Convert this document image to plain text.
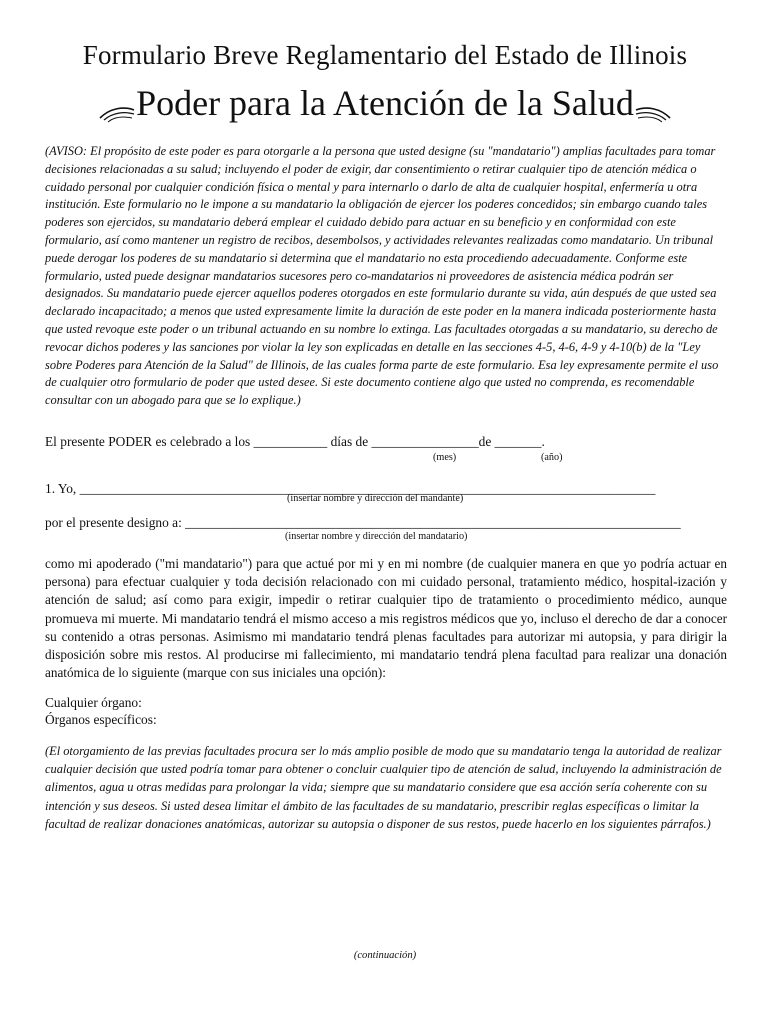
Formulario Breve Reglamentario del Estado de Illinois
Poder para la Atención de la Salud
(AVISO: El propósito de este poder es para otorgarle a la persona que usted designe (su "mandatario") amplias facultades para tomar decisiones relacionadas a su salud; incluyendo el poder de exigir, dar consentimiento o retirar cualquier tipo de atención médica o cuidado personal por cualquier condición física o mental y para internarlo o darlo de alta de cualquier hospital, enfermería u otra institución. Este formulario no le impone a su mandatario la obligación de ejercer los poderes concedidos; sin embargo cuando tales poderes son ejercidos, su mandatario deberá emplear el cuidado debido para actuar en su beneficio y en conformidad con este formulario, así como mantener un registro de recibos, desembolsos, y actividades relevantes realizadas como mandatario. Un tribunal puede derogar los poderes de su mandatario si determina que el mandatario no esta procediendo adecuadamente. Conforme este formulario, usted puede designar mandatarios sucesores pero co-mandatarios ni proveedores de asistencia médica podrán ser designados. Su mandatario puede ejercer aquellos poderes otorgados en este formulario durante su vida, aún después de que usted sea declarado incapacitado; a menos que usted expresamente limite la duración de este poder en la manera indicada posteriormente hasta que usted revoque este poder o un tribunal actuando en su nombre lo extinga. Las facultades otorgadas a su mandatario, su derecho de revocar dichos poderes y las sanciones por violar la ley son explicadas en detalle en las secciones 4-5, 4-6, 4-9 y 4-10(b) de la "Ley sobre Poderes para Atención de la Salud" de Illinois, de las cuales forma parte de este formulario. Esa ley expresamente permite el uso de cualquier otro formulario de poder que usted desee. Si este documento contiene algo que usted no comprenda, es recomendable consultar con un abogado para que se lo explique.)
El presente PODER es celebrado a los ___________ días de ________________de _______.
(mes)	(año)
1. Yo, ______________________________________________________________________________________
(insertar nombre y dirección del mandante)
por el presente designo a: __________________________________________________________________________
(insertar nombre y dirección del mandatario)
como mi apoderado ("mi mandatario") para que actué por mi y en mi nombre (de cualquier manera en que yo podría actuar en persona) para efectuar cualquier y toda decisión relacionado con mi cuidado personal, tratamiento médico, hospital-ización y atención de salud; así como para exigir, impedir o retirar cualquier tipo de tratamiento o procedimiento médico, aunque promueva mi muerte. Mi mandatario tendrá el mismo acceso a mis registros médicos que yo, incluso el derecho de dar a conocer su contenido a otras personas. Asimismo mi mandatario tendrá plenas facultades para autorizar mi autopsia, y para dirigir la disposición sobre mis restos. Al producirse mi fallecimiento, mi mandatario tendrá plena facultad para realizar una donación anatómica de lo siguiente (marque con sus iniciales una opción):
Cualquier órgano:
Órganos específicos:
(El otorgamiento de las previas facultades procura ser lo más amplio posible de modo que su mandatario tenga la autoridad de realizar cualquier decisión que usted podría tomar para obtener o concluir cualquier tipo de atención de salud, incluyendo la administración de alimentos, agua u otras medidas para prolongar la vida; siempre que su mandatario considere que esa acción sería coherente con su intención y sus deseos. Si usted desea limitar el ámbito de las facultades de su mandatario, prescribir reglas específicas o limitar la facultad de realizar donaciones anatómicas, autorizar su autopsia o disponer de sus restos, puede hacerlo en los siguientes párrafos.)
(continuación)
